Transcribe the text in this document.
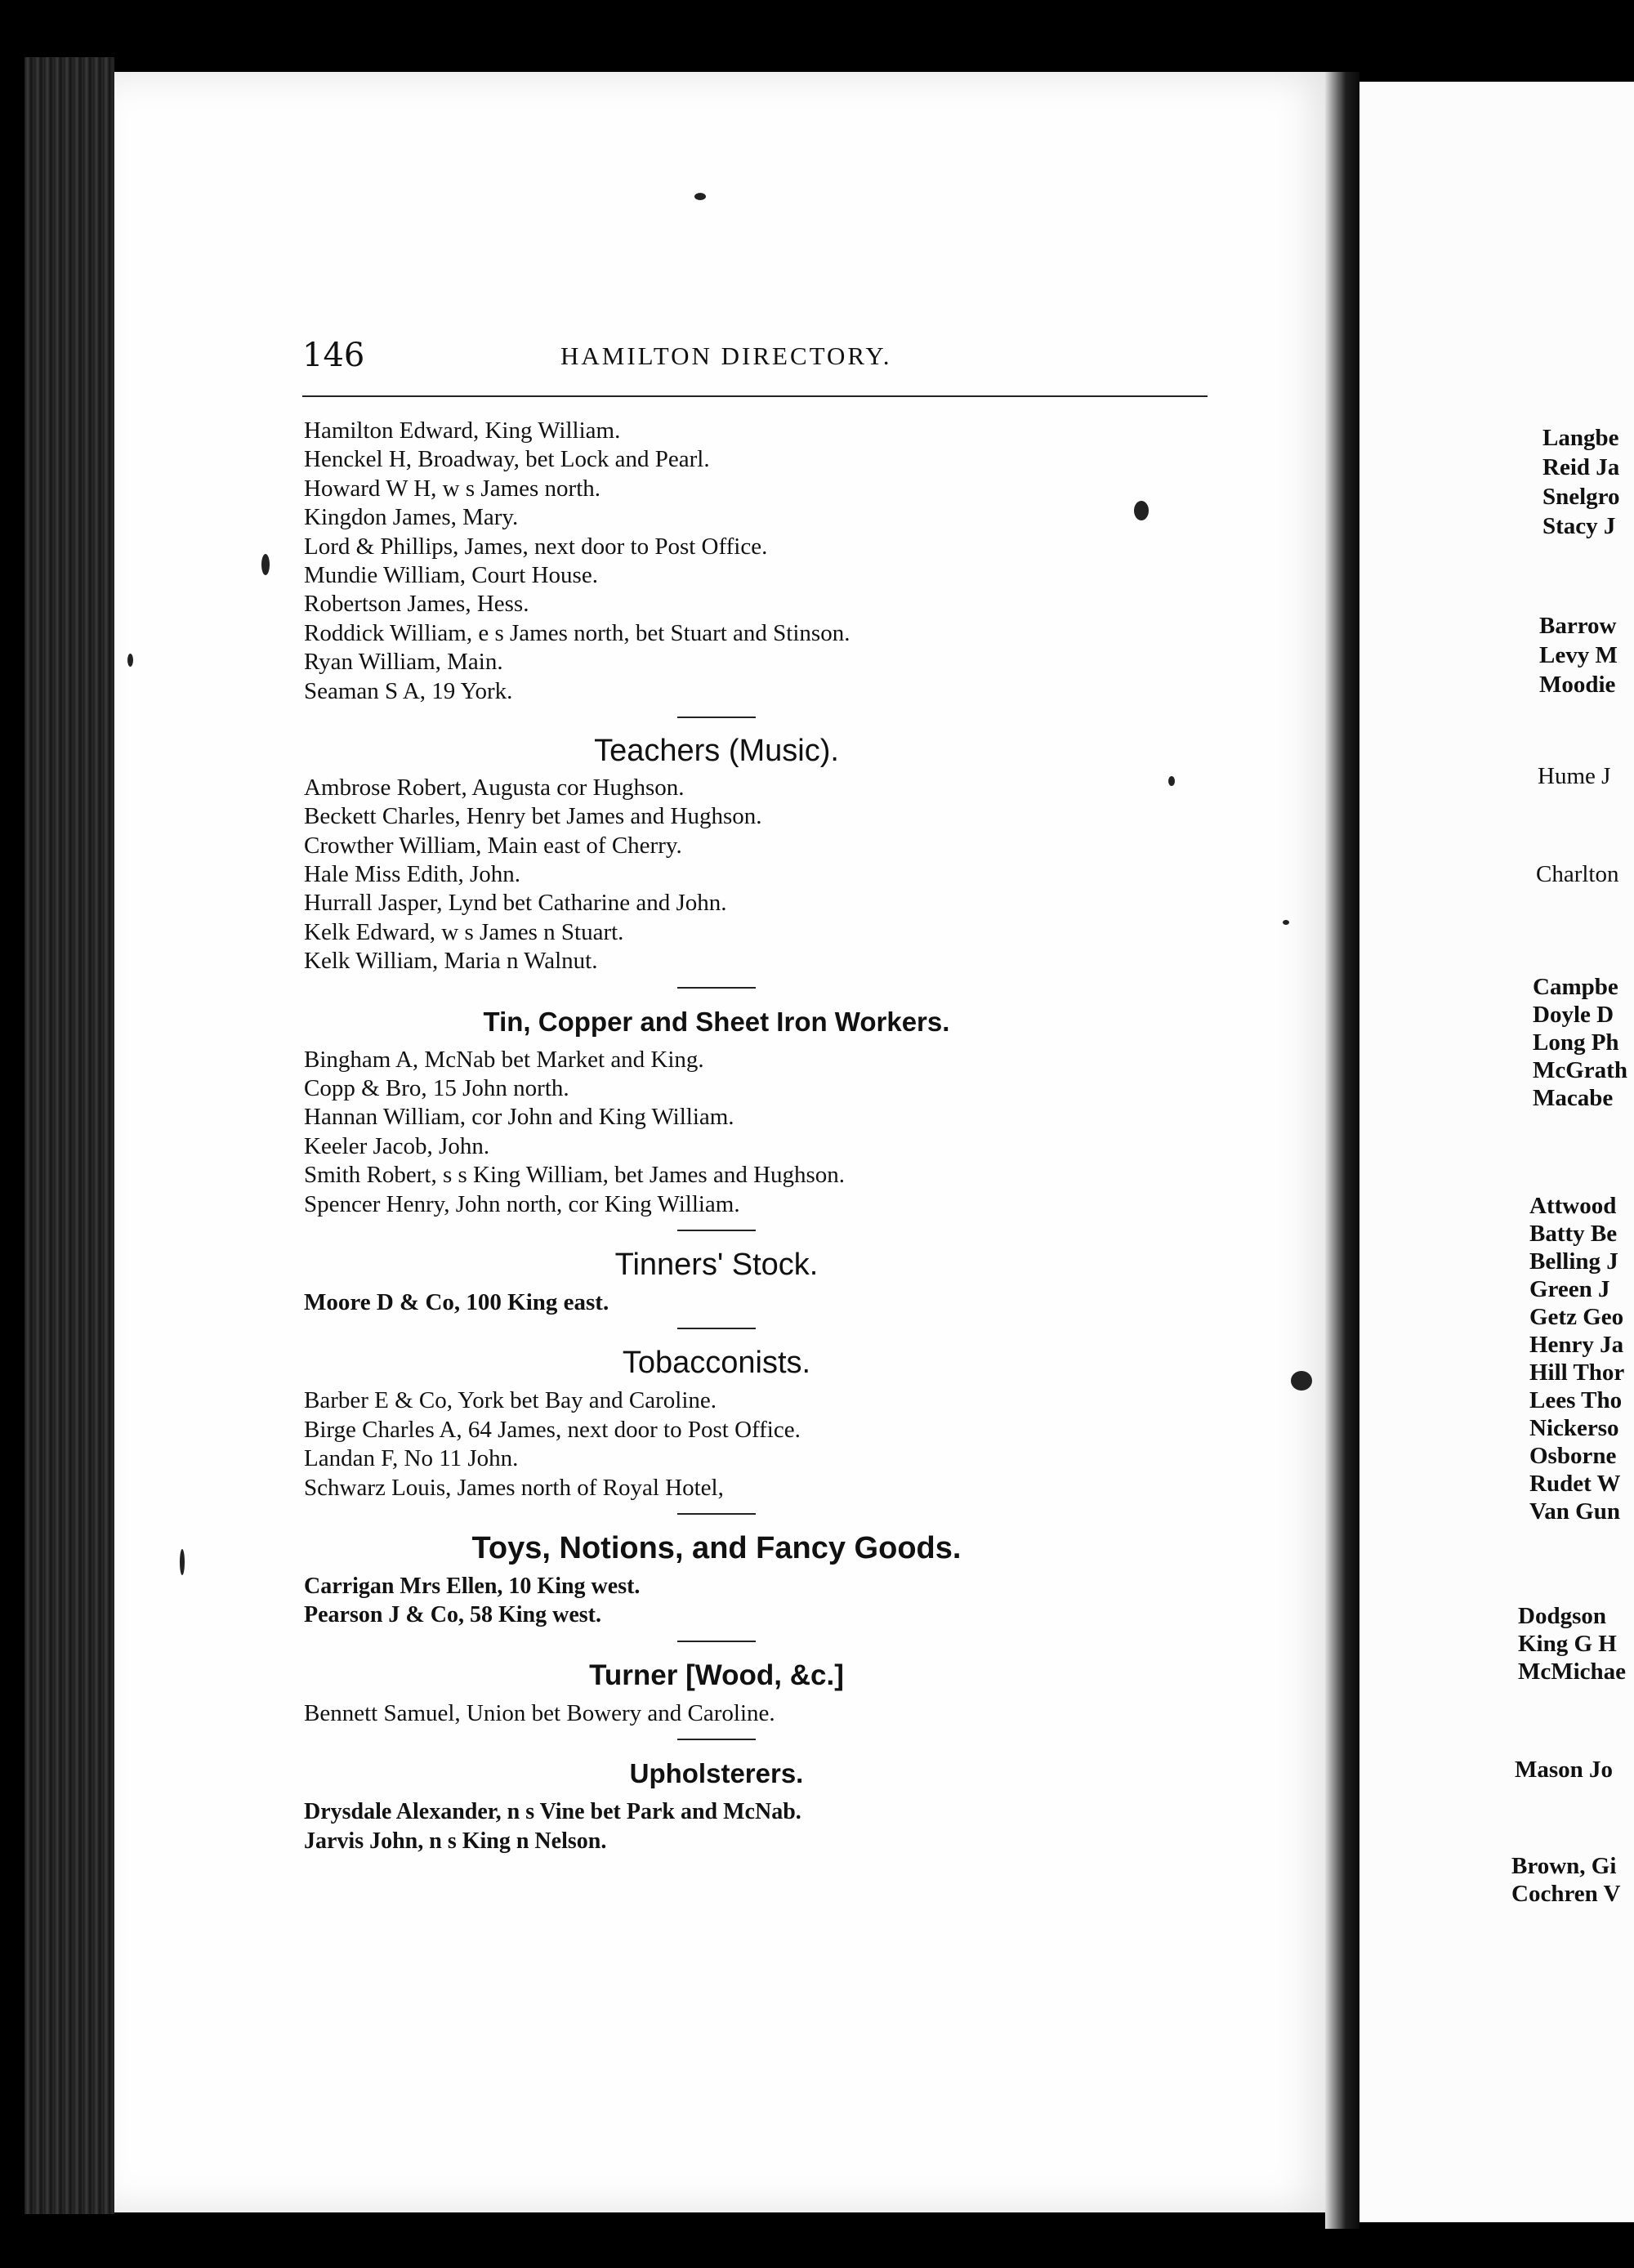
146	HAMILTON DIRECTORY.
Hamilton Edward, King William.
Henckel H, Broadway, bet Lock and Pearl.
Howard W H, w s James north.
Kingdon James, Mary.
Lord & Phillips, James, next door to Post Office.
Mundie William, Court House.
Robertson James, Hess.
Roddick William, e s James north, bet Stuart and Stinson.
Ryan William, Main.
Seaman S A, 19 York.
Teachers (Music).
Ambrose Robert, Augusta cor Hughson.
Beckett Charles, Henry bet James and Hughson.
Crowther William, Main east of Cherry.
Hale Miss Edith, John.
Hurrall Jasper, Lynd bet Catharine and John.
Kelk Edward, w s James n Stuart.
Kelk William, Maria n Walnut.
Tin, Copper and Sheet Iron Workers.
Bingham A, McNab bet Market and King.
Copp & Bro, 15 John north.
Hannan William, cor John and King William.
Keeler Jacob, John.
Smith Robert, s s King William, bet James and Hughson.
Spencer Henry, John north, cor King William.
Tinners' Stock.
Moore D & Co, 100 King east.
Tobacconists.
Barber E & Co, York bet Bay and Caroline.
Birge Charles A, 64 James, next door to Post Office.
Landan F, No 11 John.
Schwarz Louis, James north of Royal Hotel,
Toys, Notions, and Fancy Goods.
Carrigan Mrs Ellen, 10 King west.
Pearson J & Co, 58 King west.
Turner [Wood, &c.]
Bennett Samuel, Union bet Bowery and Caroline.
Upholsterers.
Drysdale Alexander, n s Vine bet Park and McNab.
Jarvis John, n s King n Nelson.
Langbe
Reid Ja
Snelgro
Stacy J
Barrow
Levy M
Moodie
Hume J
Charlton
Campbe
Doyle D
Long Ph
McGrath
Macabe
Attwood
Batty Be
Belling J
Green J
Getz Geo
Henry Ja
Hill Thor
Lees Tho
Nickerso
Osborne
Rudet W
Van Gun
Dodgson
King G H
McMichae
Mason Jo
Brown, Gi
Cochren V
